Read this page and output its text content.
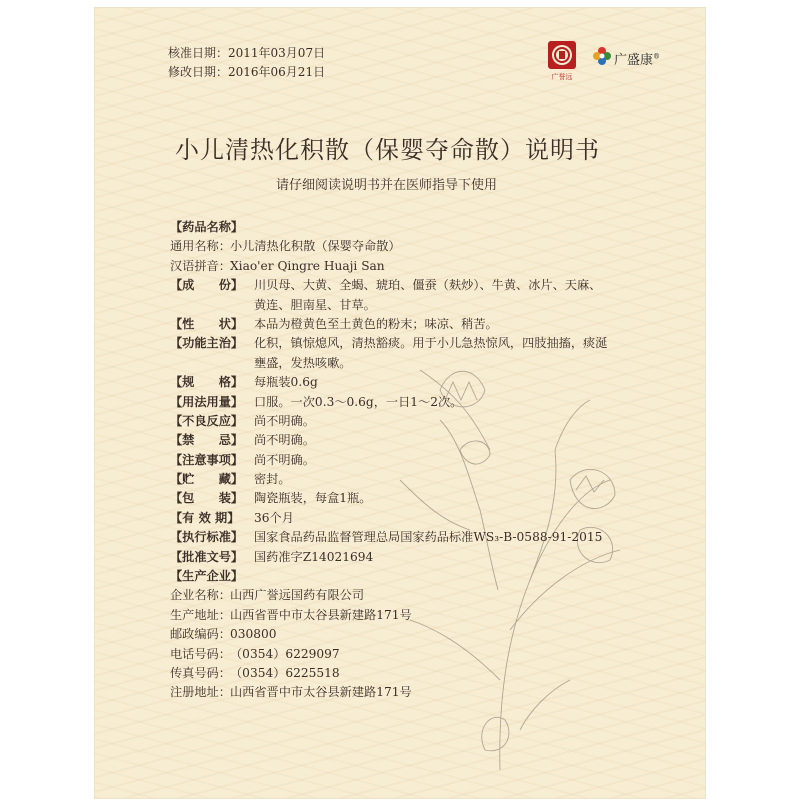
核准日期：2011年03月07日
修改日期：2016年06月21日	广誉远
广盛康®
小儿清热化积散（保婴夺命散）说明书
请仔细阅读说明书并在医师指导下使用
【药品名称】
通用名称： 小儿清热化积散（保婴夺命散）
汉语拼音： Xiao'er Qingre Huaji San
【成　　份】 川贝母、大黄、全蝎、琥珀、僵蚕（麸炒）、牛黄、冰片、天麻、
黄连、胆南星、甘草。
【性　　状】 本品为橙黄色至土黄色的粉末；味凉、稍苦。
【功能主治】 化积，镇惊熄风，清热豁痰。用于小儿急热惊风，四肢抽搐，痰涎
壅盛，发热咳嗽。
【规　　格】 每瓶装0.6g
【用法用量】 口服。一次0.3～0.6g，一日1～2次。
【不良反应】 尚不明确。
【禁　　忌】 尚不明确。
【注意事项】 尚不明确。
【贮　　藏】 密封。
【包　　装】 陶瓷瓶装，每盒1瓶。
【有 效 期】 36个月
【执行标准】 国家食品药品监督管理总局国家药品标准WS₃-B-0588-91-2015
【批准文号】 国药准字Z14021694
【生产企业】
企业名称： 山西广誉远国药有限公司
生产地址： 山西省晋中市太谷县新建路171号
邮政编码： 030800
电话号码： （0354）6229097
传真号码： （0354）6225518
注册地址： 山西省晋中市太谷县新建路171号
